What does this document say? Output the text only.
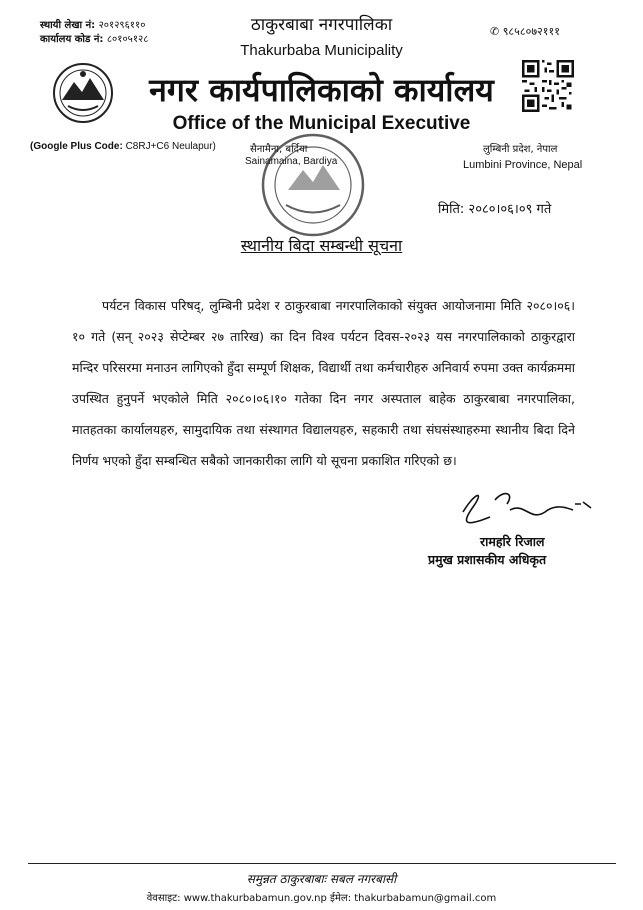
स्थायी लेखा नं: २०१२९६११०
कार्यालय कोड नं: ८०१०५१२८
ठाकुरबाबा नगरपालिका
Thakurbaba Municipality
✆ ९८५८०७२१११
नगर कार्यपालिकाको कार्यालय
Office of the Municipal Executive
(Google Plus Code: C8RJ+C6 Neulapur)	सैनामैना, बर्दिया
Sainamaina, Bardiya
लुम्बिनी प्रदेश, नेपाल
Lumbini Province, Nepal
मिति: २०८०।०६।०९ गते
स्थानीय बिदा सम्बन्धी सूचना
पर्यटन विकास परिषद्, लुम्बिनी प्रदेश र ठाकुरबाबा नगरपालिकाको संयुक्त आयोजनामा मिति २०८०।०६।१० गते (सन् २०२३ सेप्टेम्बर २७ तारिख) का दिन विश्व पर्यटन दिवस-२०२३ यस नगरपालिकाको ठाकुरद्वारा मन्दिर परिसरमा मनाउन लागिएको हुँदा सम्पूर्ण शिक्षक, विद्यार्थी तथा कर्मचारीहरु अनिवार्य रुपमा उक्त कार्यक्रममा उपस्थित हुनुपर्ने भएकोले मिति २०८०।०६।१० गतेका दिन नगर अस्पताल बाहेक ठाकुरबाबा नगरपालिका, मातहतका कार्यालयहरु, सामुदायिक तथा संस्थागत विद्यालयहरु, सहकारी तथा संघसंस्थाहरुमा स्थानीय बिदा दिने निर्णय भएको हुँदा सम्बन्धित सबैको जानकारीका लागि यो सूचना प्रकाशित गरिएको छ।
रामहरि रिजाल
प्रमुख प्रशासकीय अधिकृत
समुन्नत ठाकुरबाबाः सबल नगरबासी
वेवसाइट: www.thakurbabamun.gov.np ईमेल: thakurbabamun@gmail.com
